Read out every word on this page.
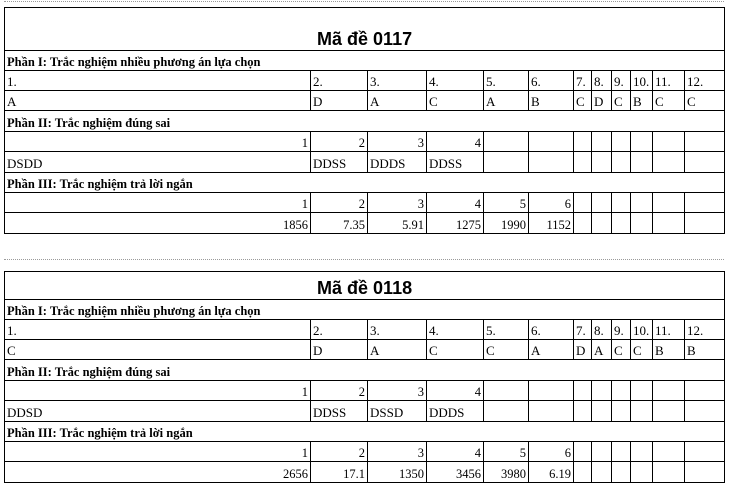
Mã đề 0117											
Phần I: Trắc nghiệm nhiều phương án lựa chọn											
1.	2.	3.	4.	5.	6.	7.	8.	9.	10.	11.	12.
A	D	A	C	A	B	C	D	C	B	C	C
Phần II: Trắc nghiệm đúng sai											
1	2	3	4								
DSDD	DDSS	DDDS	DDSS								
Phần III: Trắc nghiệm trả lời ngắn											
1	2	3	4	5	6						
1856	7.35	5.91	1275	1990	1152						
Mã đề 0118											
Phần I: Trắc nghiệm nhiều phương án lựa chọn											
1.	2.	3.	4.	5.	6.	7.	8.	9.	10.	11.	12.
C	D	A	C	C	A	D	A	C	C	B	B
Phần II: Trắc nghiệm đúng sai											
1	2	3	4								
DDSD	DDSS	DSSD	DDDS								
Phần III: Trắc nghiệm trả lời ngắn											
1	2	3	4	5	6						
2656	17.1	1350	3456	3980	6.19						
